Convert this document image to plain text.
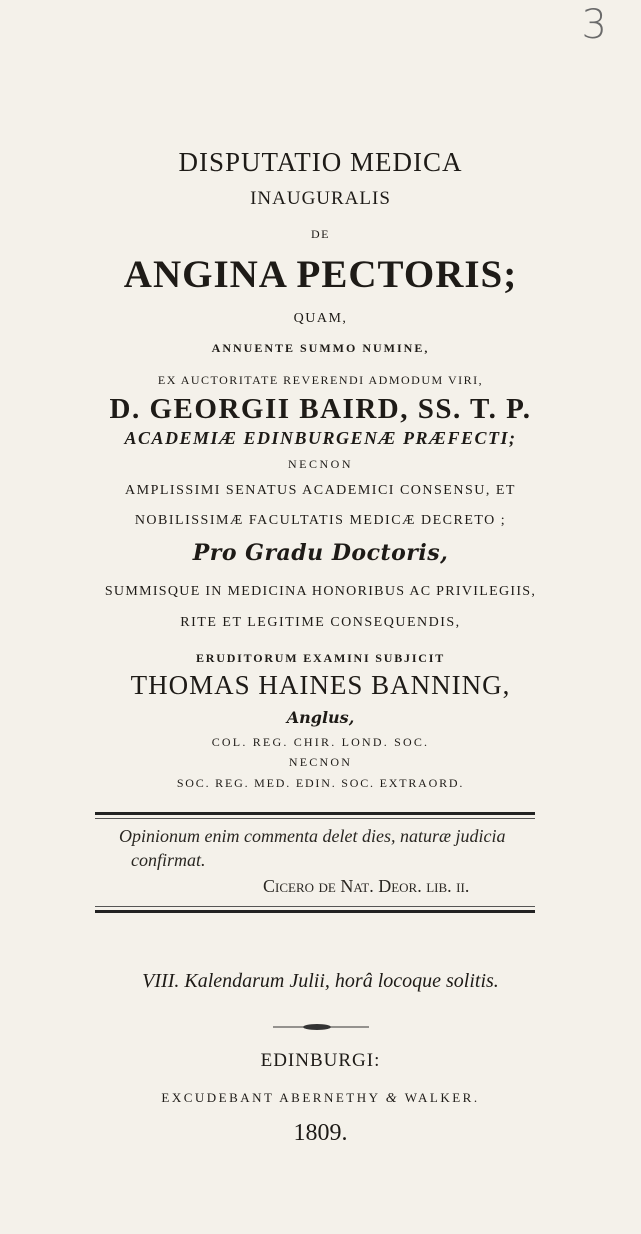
3
DISPUTATIO MEDICA
INAUGURALIS
DE
ANGINA PECTORIS;
QUAM,
ANNUENTE SUMMO NUMINE,
EX AUCTORITATE REVERENDI ADMODUM VIRI,
D. GEORGII BAIRD, SS. T. P.
ACADEMIÆ EDINBURGENÆ PRÆFECTI;
NECNON
AMPLISSIMI SENATUS ACADEMICI CONSENSU, ET
NOBILISSIMÆ FACULTATIS MEDICÆ DECRETO ;
Pro Gradu Doctoris,
SUMMISQUE IN MEDICINA HONORIBUS AC PRIVILEGIIS,
RITE ET LEGITIME CONSEQUENDIS,
ERUDITORUM EXAMINI SUBJICIT
THOMAS HAINES BANNING,
Anglus,
COL. REG. CHIR. LOND. SOC.
NECNON
SOC. REG. MED. EDIN. SOC. EXTRAORD.
Opinionum enim commenta delet dies, naturæ judicia
confirmat.
Cicero de Nat. Deor. lib. ii.
VIII. Kalendarum Julii, horâ locoque solitis.
EDINBURGI:
EXCUDEBANT ABERNETHY & WALKER.
1809.
